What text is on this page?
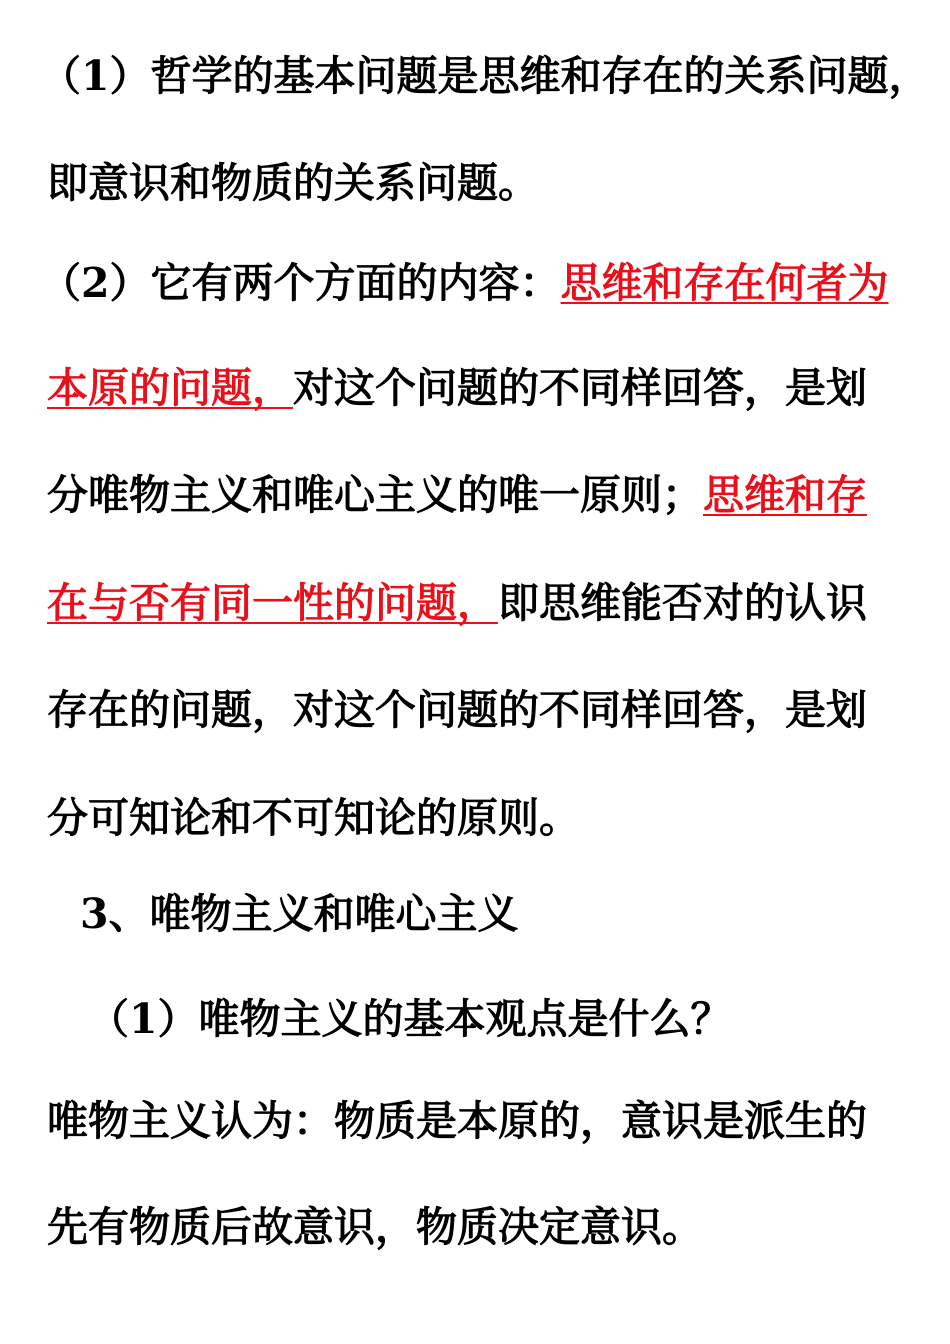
（1）哲学的基本问题是思维和存在的关系问题，
即意识和物质的关系问题。
（2）它有两个方面的内容：思维和存在何者为
本原的问题，对这个问题的不同样回答，是划
分唯物主义和唯心主义的唯一原则；思维和存
在与否有同一性的问题，即思维能否对的认识
存在的问题，对这个问题的不同样回答，是划
分可知论和不可知论的原则。
3、唯物主义和唯心主义
（1）唯物主义的基本观点是什么？
唯物主义认为：物质是本原的，意识是派生的
先有物质后故意识，物质决定意识。
